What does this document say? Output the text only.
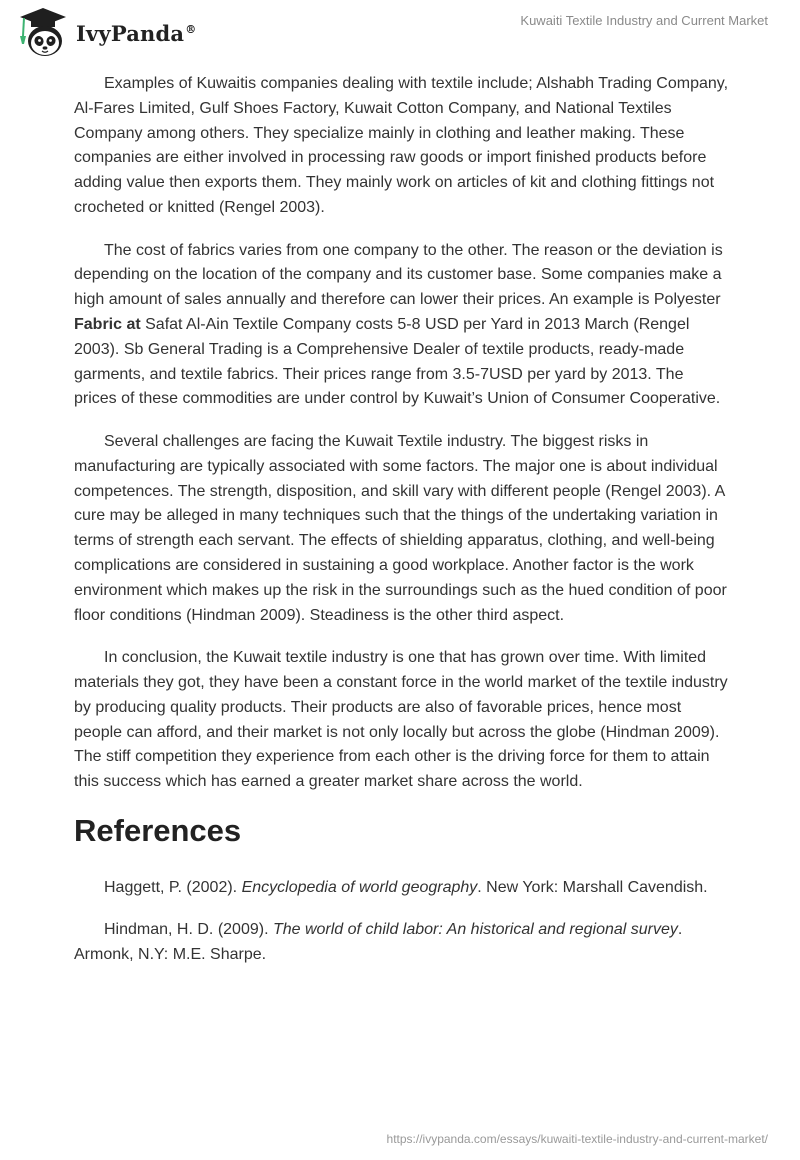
IvyPanda®
Kuwaiti Textile Industry and Current Market

Examples of Kuwaitis companies dealing with textile include; Alshabh Trading Company, Al-Fares Limited, Gulf Shoes Factory, Kuwait Cotton Company, and National Textiles Company among others. They specialize mainly in clothing and leather making. These companies are either involved in processing raw goods or import finished products before adding value then exports them. They mainly work on articles of kit and clothing fittings not crocheted or knitted (Rengel 2003).

The cost of fabrics varies from one company to the other. The reason or the deviation is depending on the location of the company and its customer base. Some companies make a high amount of sales annually and therefore can lower their prices. An example is Polyester Fabric at Safat Al-Ain Textile Company costs 5-8 USD per Yard in 2013 March (Rengel 2003). Sb General Trading is a Comprehensive Dealer of textile products, ready-made garments, and textile fabrics. Their prices range from 3.5-7USD per yard by 2013. The prices of these commodities are under control by Kuwait’s Union of Consumer Cooperative.

Several challenges are facing the Kuwait Textile industry. The biggest risks in manufacturing are typically associated with some factors. The major one is about individual competences. The strength, disposition, and skill vary with different people (Rengel 2003). A cure may be alleged in many techniques such that the things of the undertaking variation in terms of strength each servant. The effects of shielding apparatus, clothing, and well-being complications are considered in sustaining a good workplace. Another factor is the work environment which makes up the risk in the surroundings such as the hued condition of poor floor conditions (Hindman 2009). Steadiness is the other third aspect.

In conclusion, the Kuwait textile industry is one that has grown over time. With limited materials they got, they have been a constant force in the world market of the textile industry by producing quality products. Their products are also of favorable prices, hence most people can afford, and their market is not only locally but across the globe (Hindman 2009). The stiff competition they experience from each other is the driving force for them to attain this success which has earned a greater market share across the world.

References

Haggett, P. (2002). Encyclopedia of world geography. New York: Marshall Cavendish.

Hindman, H. D. (2009). The world of child labor: An historical and regional survey. Armonk, N.Y: M.E. Sharpe.

https://ivypanda.com/essays/kuwaiti-textile-industry-and-current-market/
